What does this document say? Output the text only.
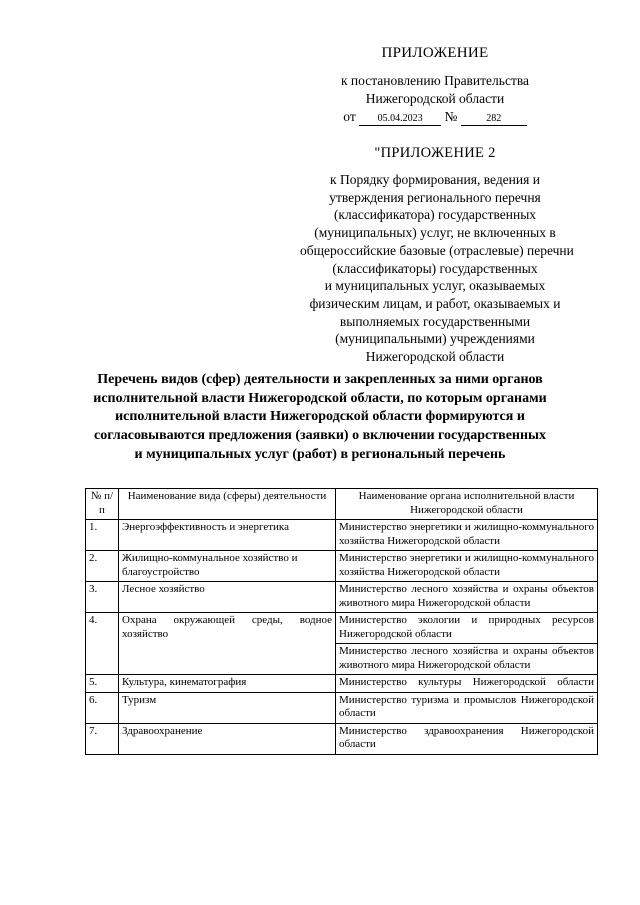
ПРИЛОЖЕНИЕ
к постановлению Правительства
Нижегородской области
от 05.04.2023 №	282
"ПРИЛОЖЕНИЕ 2
к Порядку формирования, ведения и
утверждения регионального перечня
(классификатора) государственных
(муниципальных) услуг, не включенных в
общероссийские базовые (отраслевые) перечни
(классификаторы) государственных
и муниципальных услуг, оказываемых
физическим лицам, и работ, оказываемых и
выполняемых государственными
(муниципальными) учреждениями
Нижегородской области
Перечень видов (сфер) деятельности и закрепленных за ними органов
исполнительной власти Нижегородской области, по которым органами
исполнительной власти Нижегородской области формируются и
согласовываются предложения (заявки) о включении государственных
и муниципальных услуг (работ) в региональный перечень
№ п/п	Наименование вида (сферы) деятельности	Наименование органа исполнительной власти Нижегородской области
1.	Энергоэффективность и энергетика	Министерство энергетики и жилищно-коммунального хозяйства Нижегородской области
2.	Жилищно-коммунальное хозяйство и благоустройство	Министерство энергетики и жилищно-коммунального хозяйства Нижегородской области
3.	Лесное хозяйство	Министерство лесного хозяйства и охраны объектов животного мира Нижегородской области
4.	Охрана окружающей среды, водное хозяйство	Министерство экологии и природных ресурсов Нижегородской области
		Министерство лесного хозяйства и охраны объектов животного мира Нижегородской области
5.	Культура, кинематография	Министерство культуры Нижегородской области
6.	Туризм	Министерство туризма и промыслов Нижегородской области
7.	Здравоохранение	Министерство здравоохранения Нижегородской области
